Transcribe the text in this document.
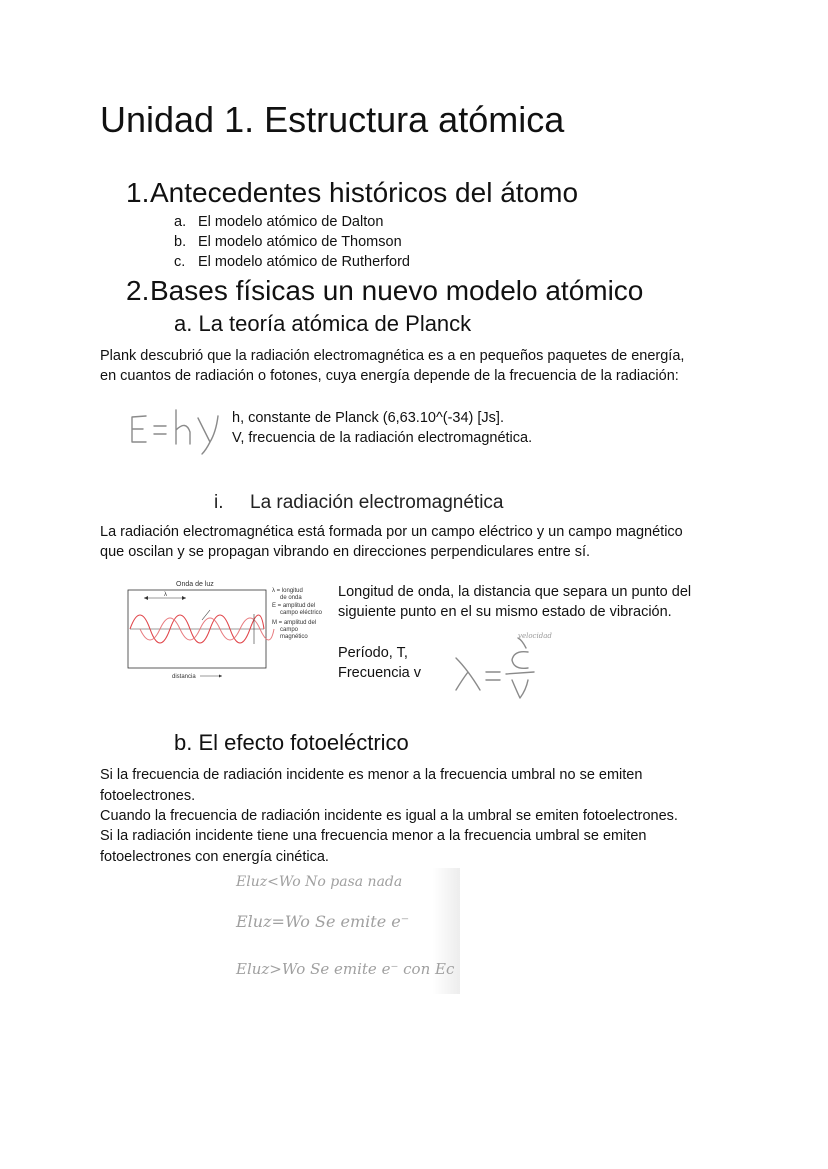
Unidad 1. Estructura atómica
1.Antecedentes históricos del átomo
a. El modelo atómico de Dalton
b. El modelo atómico de Thomson
c. El modelo atómico de Rutherford
2.Bases físicas un nuevo modelo atómico
a. La teoría atómica de Planck
Plank descubrió que la radiación electromagnética es a en pequeños paquetes de energía,
en cuantos de radiación o fotones, cuya energía depende de la frecuencia de la radiación:
h, constante de Planck (6,63.10^(-34) [Js].
V, frecuencia de la radiación electromagnética.
i. La radiación electromagnética
La radiación electromagnética está formada por un campo eléctrico y un campo magnético
que oscilan y se propagan vibrando en direcciones perpendiculares entre sí.
Onda de luz
λ
distancia
λ = longitud
de onda
E = amplitud del
campo eléctrico
M = amplitud del
campo
magnético
Longitud de onda, la distancia que separa un punto del
siguiente punto en el su mismo estado de vibración.
Período, T,
Frecuencia v
velocidad
b. El efecto fotoeléctrico
Si la frecuencia de radiación incidente es menor a la frecuencia umbral no se emiten
fotoelectrones.
Cuando la frecuencia de radiación incidente es igual a la umbral se emiten fotoelectrones.
Si la radiación incidente tiene una frecuencia menor a la frecuencia umbral se emiten
fotoelectrones con energía cinética.
Eluz<Wo No pasa nada
Eluz=Wo Se emite e⁻
Eluz>Wo Se emite e⁻ con Ec
